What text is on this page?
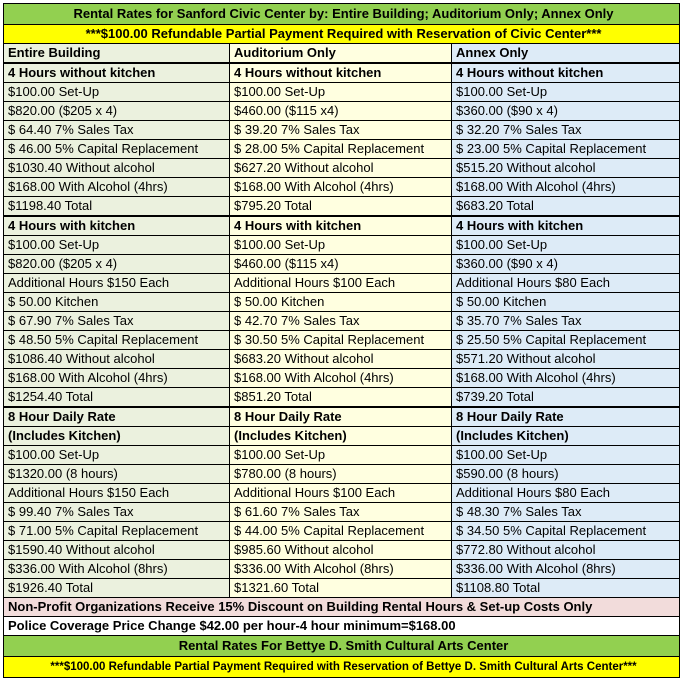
Rental Rates for Sanford Civic Center by: Entire Building; Auditorium Only; Annex Only		
***$100.00 Refundable Partial Payment Required with Reservation of Civic Center***		
Entire Building	Auditorium Only	Annex Only
4 Hours without kitchen	4 Hours without kitchen	4 Hours without kitchen
$100.00 Set-Up	$100.00 Set-Up	$100.00 Set-Up
$820.00 ($205 x 4)	$460.00 ($115 x4)	$360.00 ($90 x 4)
$ 64.40 7% Sales Tax	$ 39.20 7% Sales Tax	$ 32.20 7% Sales Tax
$ 46.00 5% Capital Replacement	$ 28.00 5% Capital Replacement	$ 23.00 5% Capital Replacement
$1030.40 Without alcohol	$627.20 Without alcohol	$515.20 Without alcohol
$168.00 With Alcohol (4hrs)	$168.00 With Alcohol (4hrs)	$168.00 With Alcohol (4hrs)
$1198.40 Total	$795.20 Total	$683.20 Total
4 Hours with kitchen	4 Hours with kitchen	4 Hours with kitchen
$100.00 Set-Up	$100.00 Set-Up	$100.00 Set-Up
$820.00 ($205 x 4)	$460.00 ($115 x4)	$360.00 ($90 x 4)
Additional Hours $150 Each	Additional Hours $100 Each	Additional Hours $80 Each
$ 50.00 Kitchen	$ 50.00 Kitchen	$ 50.00 Kitchen
$ 67.90 7% Sales Tax	$ 42.70 7% Sales Tax	$ 35.70 7% Sales Tax
$ 48.50 5% Capital Replacement	$ 30.50 5% Capital Replacement	$ 25.50 5% Capital Replacement
$1086.40 Without alcohol	$683.20 Without alcohol	$571.20 Without alcohol
$168.00 With Alcohol (4hrs)	$168.00 With Alcohol (4hrs)	$168.00 With Alcohol (4hrs)
$1254.40 Total	$851.20 Total	$739.20 Total
8 Hour Daily Rate	8 Hour Daily Rate	8 Hour Daily Rate
(Includes Kitchen)	(Includes Kitchen)	(Includes Kitchen)
$100.00 Set-Up	$100.00 Set-Up	$100.00 Set-Up
$1320.00 (8 hours)	$780.00 (8 hours)	$590.00 (8 hours)
Additional Hours $150 Each	Additional Hours $100 Each	Additional Hours $80 Each
$ 99.40 7% Sales Tax	$ 61.60 7% Sales Tax	$ 48.30 7% Sales Tax
$ 71.00 5% Capital Replacement	$ 44.00 5% Capital Replacement	$ 34.50 5% Capital Replacement
$1590.40 Without alcohol	$985.60 Without alcohol	$772.80 Without alcohol
$336.00 With Alcohol (8hrs)	$336.00 With Alcohol (8hrs)	$336.00 With Alcohol (8hrs)
$1926.40 Total	$1321.60 Total	$1108.80 Total
Non-Profit Organizations Receive 15% Discount on Building Rental Hours & Set-up Costs Only		
Police Coverage Price Change $42.00 per hour-4 hour minimum=$168.00		
Rental Rates For Bettye D. Smith Cultural Arts Center		
***$100.00 Refundable Partial Payment Required with Reservation of Bettye D. Smith Cultural Arts Center***		
